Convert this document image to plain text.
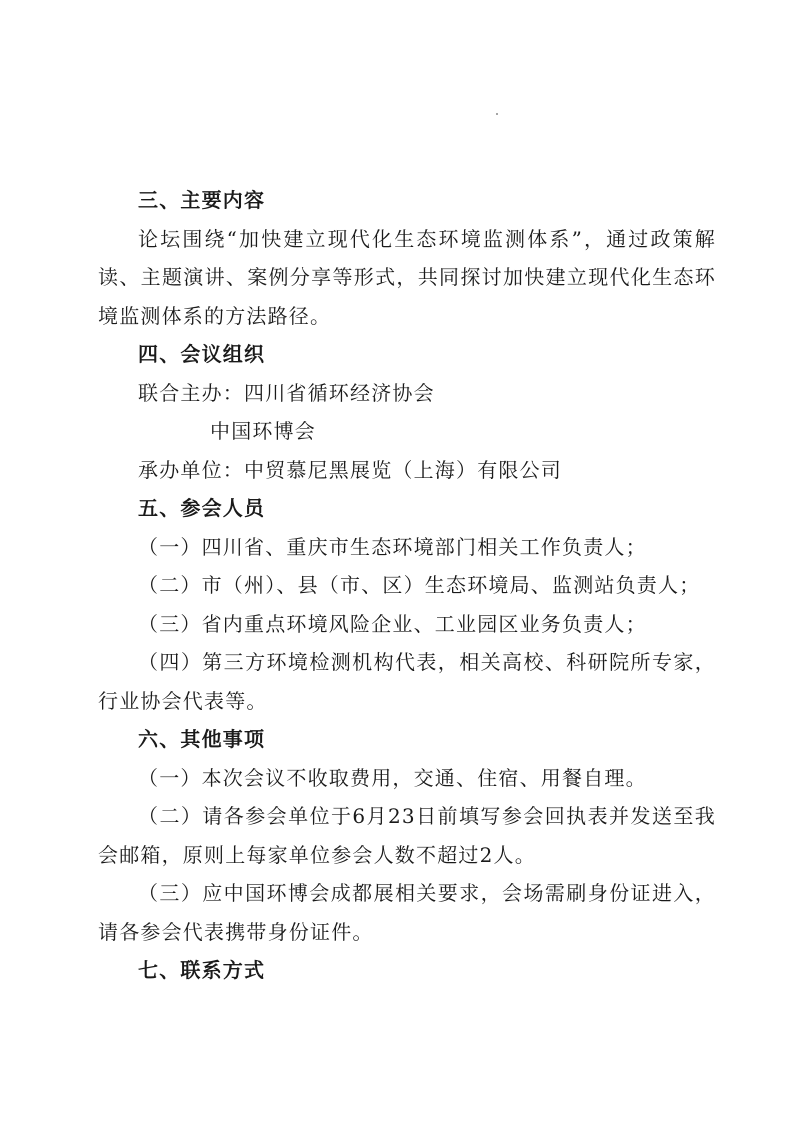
三、主要内容

论坛围绕“加快建立现代化生态环境监测体系”，通过政策解读、主题演讲、案例分享等形式，共同探讨加快建立现代化生态环境监测体系的方法路径。

四、会议组织

联合主办：四川省循环经济协会

中国环博会

承办单位：中贸慕尼黑展览（上海）有限公司

五、参会人员

（一）四川省、重庆市生态环境部门相关工作负责人；

（二）市（州）、县（市、区）生态环境局、监测站负责人；

（三）省内重点环境风险企业、工业园区业务负责人；

（四）第三方环境检测机构代表，相关高校、科研院所专家，行业协会代表等。

六、其他事项

（一）本次会议不收取费用，交通、住宿、用餐自理。

（二）请各参会单位于6月23日前填写参会回执表并发送至我会邮箱，原则上每家单位参会人数不超过2人。

（三）应中国环博会成都展相关要求，会场需刷身份证进入，请各参会代表携带身份证件。

七、联系方式
